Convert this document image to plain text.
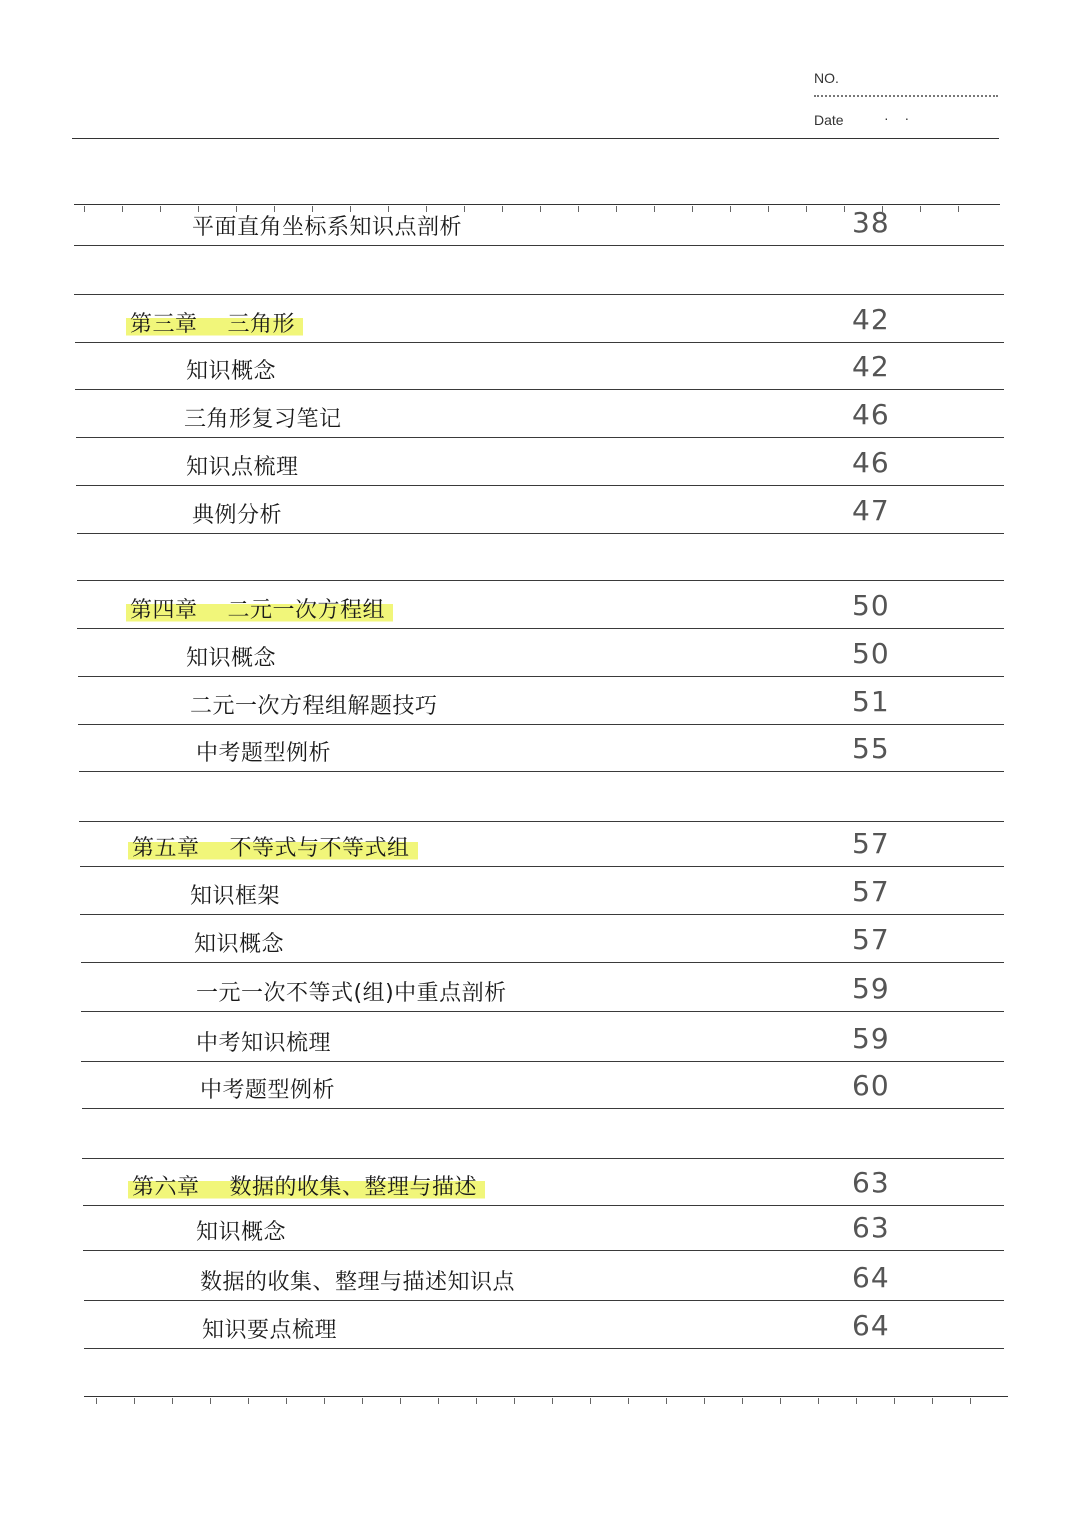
NO.
Date	· ·
平面直角坐标系知识点剖析	38
第三章 三角形	42
知识概念	42
三角形复习笔记	46
知识点梳理	46
典例分析	47
第四章 二元一次方程组	50
知识概念	50
二元一次方程组解题技巧	51
中考题型例析	55
第五章 不等式与不等式组	57
知识框架	57
知识概念	57
一元一次不等式(组)中重点剖析	59
中考知识梳理	59
中考题型例析	60
第六章 数据的收集、整理与描述	63
知识概念	63
数据的收集、整理与描述知识点	64
知识要点梳理	64
